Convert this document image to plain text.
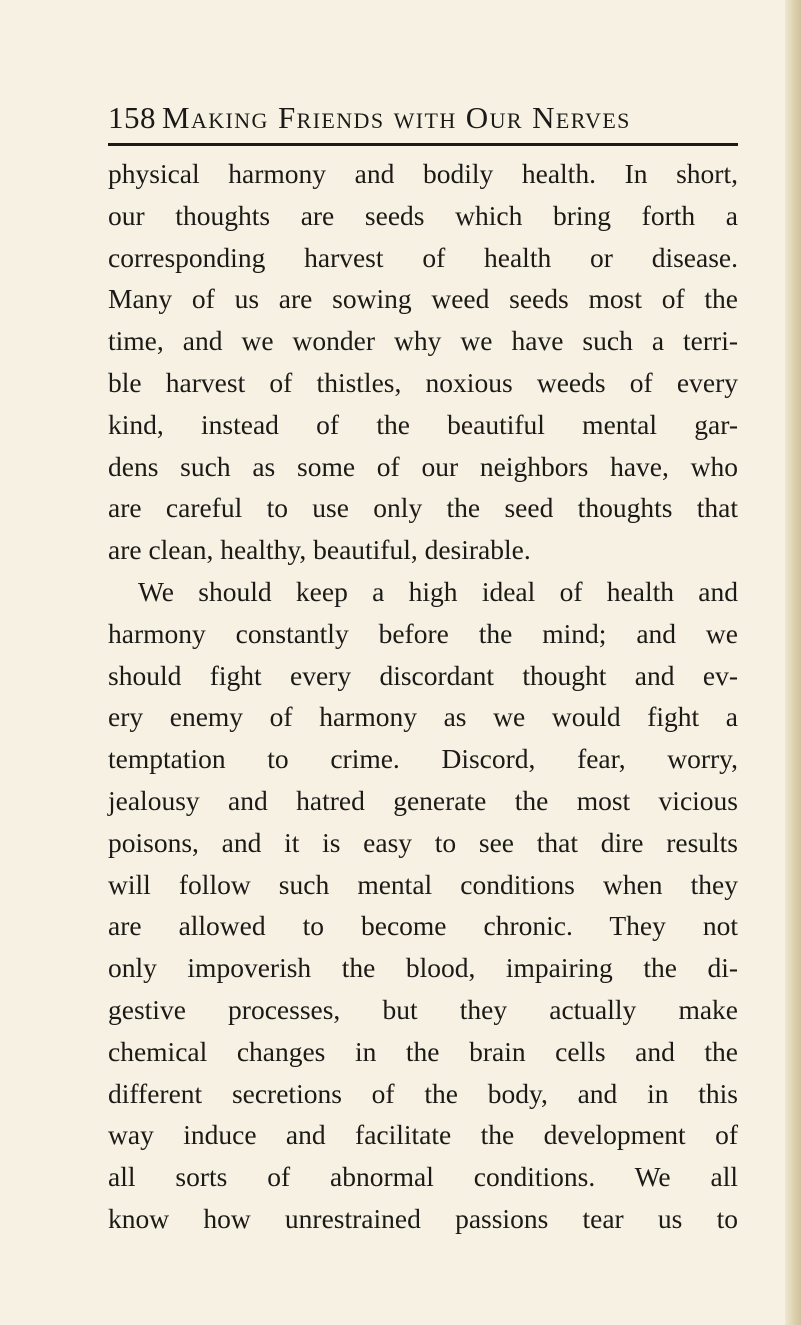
158 Making Friends with Our Nerves
physical harmony and bodily health. In short,
our thoughts are seeds which bring forth a
corresponding harvest of health or disease.
Many of us are sowing weed seeds most of the
time, and we wonder why we have such a terri-
ble harvest of thistles, noxious weeds of every
kind, instead of the beautiful mental gar-
dens such as some of our neighbors have, who
are careful to use only the seed thoughts that
are clean, healthy, beautiful, desirable.
We should keep a high ideal of health and
harmony constantly before the mind; and we
should fight every discordant thought and ev-
ery enemy of harmony as we would fight a
temptation to crime. Discord, fear, worry,
jealousy and hatred generate the most vicious
poisons, and it is easy to see that dire results
will follow such mental conditions when they
are allowed to become chronic. They not
only impoverish the blood, impairing the di-
gestive processes, but they actually make
chemical changes in the brain cells and the
different secretions of the body, and in this
way induce and facilitate the development of
all sorts of abnormal conditions. We all
know how unrestrained passions tear us to
